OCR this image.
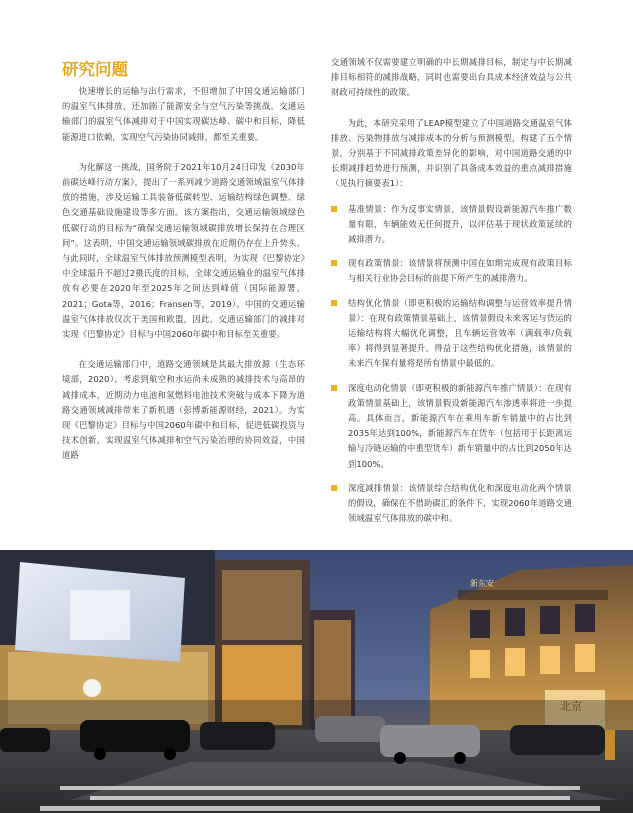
研究问题

快速增长的运输与出行需求，不但增加了中国交通运输部门的温室气体排放，还加剧了能源安全与空气污染等挑战。交通运输部门的温室气体减排对于中国实现碳达峰、碳中和目标，降低能源进口依赖，实现空气污染协同减排，都至关重要。

为化解这一挑战，国务院于2021年10月24日印发《2030年前碳达峰行动方案》，提出了一系列减少道路交通领域温室气体排放的措施，涉及运输工具装备低碳转型、运输结构绿色调整、绿色交通基础设施建设等多方面。该方案指出，交通运输领域绿色低碳行动的目标为“确保交通运输领域碳排放增长保持在合理区间”。这表明，中国交通运输领域碳排放在近期仍存在上升势头。与此同时，全球温室气体排放预测模型表明，为实现《巴黎协定》中全球温升不超过2摄氏度的目标，全球交通运输业的温室气体排放有必要在2020年至2025年之间达到峰值（国际能源署，2021；Gota等，2016；Fransen等，2019）。中国的交通运输温室气体排放仅次于美国和欧盟，因此，交通运输部门的减排对实现《巴黎协定》目标与中国2060年碳中和目标至关重要。

在交通运输部门中，道路交通领域是其最大排放源（生态环境部，2020）。考虑到航空和水运尚未成熟的减排技术与高昂的减排成本，近期动力电池和氢燃料电池技术突破与成本下降为道路交通领域减排带来了新机遇（彭博新能源财经，2021）。为实现《巴黎协定》目标与中国2060年碳中和目标，促进低碳投资与技术创新，实现温室气体减排和空气污染治理的协同效益，中国道路

交通领域不仅需要建立明确的中长期减排目标，制定与中长期减排目标相符的减排战略，同时也需要出台具成本经济效益与公共财政可持续性的政策。

为此，本研究采用了LEAP模型建立了中国道路交通温室气体排放、污染物排放与减排成本的分析与预测模型，构建了五个情景，分别基于不同减排政策差异化的影响，对中国道路交通的中长期减排趋势进行预测，并识别了具备成本效益的重点减排措施（见执行摘要表1）：

基准情景：作为反事实情景，该情景假设新能源汽车推广数量有限，车辆能效无任何提升，以评估基于现状政策延续的减排潜力。
现有政策情景：该情景将预测中国在如期完成现有政策目标与相关行业协会目标的前提下所产生的减排潜力。
结构优化情景（即更积极的运输结构调整与运营效率提升情景）：在现有政策情景基础上，该情景假设未来客运与货运的运输结构将大幅优化调整，且车辆运营效率（满载率/负载率）将得到显著提升。得益于这些结构优化措施，该情景的未来汽车保有量将是所有情景中最低的。
深度电动化情景（即更积极的新能源汽车推广情景）：在现有政策情景基础上，该情景假设新能源汽车渗透率将进一步提高。具体而言，新能源汽车在乘用车新车销量中的占比到2035年达到100%，新能源汽车在货车（包括用于长距离运输与冷链运输的中重型货车）新车销量中的占比到2050年达到100%。
深度减排情景：该情景综合结构优化和深度电动化两个情景的假设，确保在不借助碳汇的条件下，实现2060年道路交通领域温室气体排放的碳中和。
北京
新东安
